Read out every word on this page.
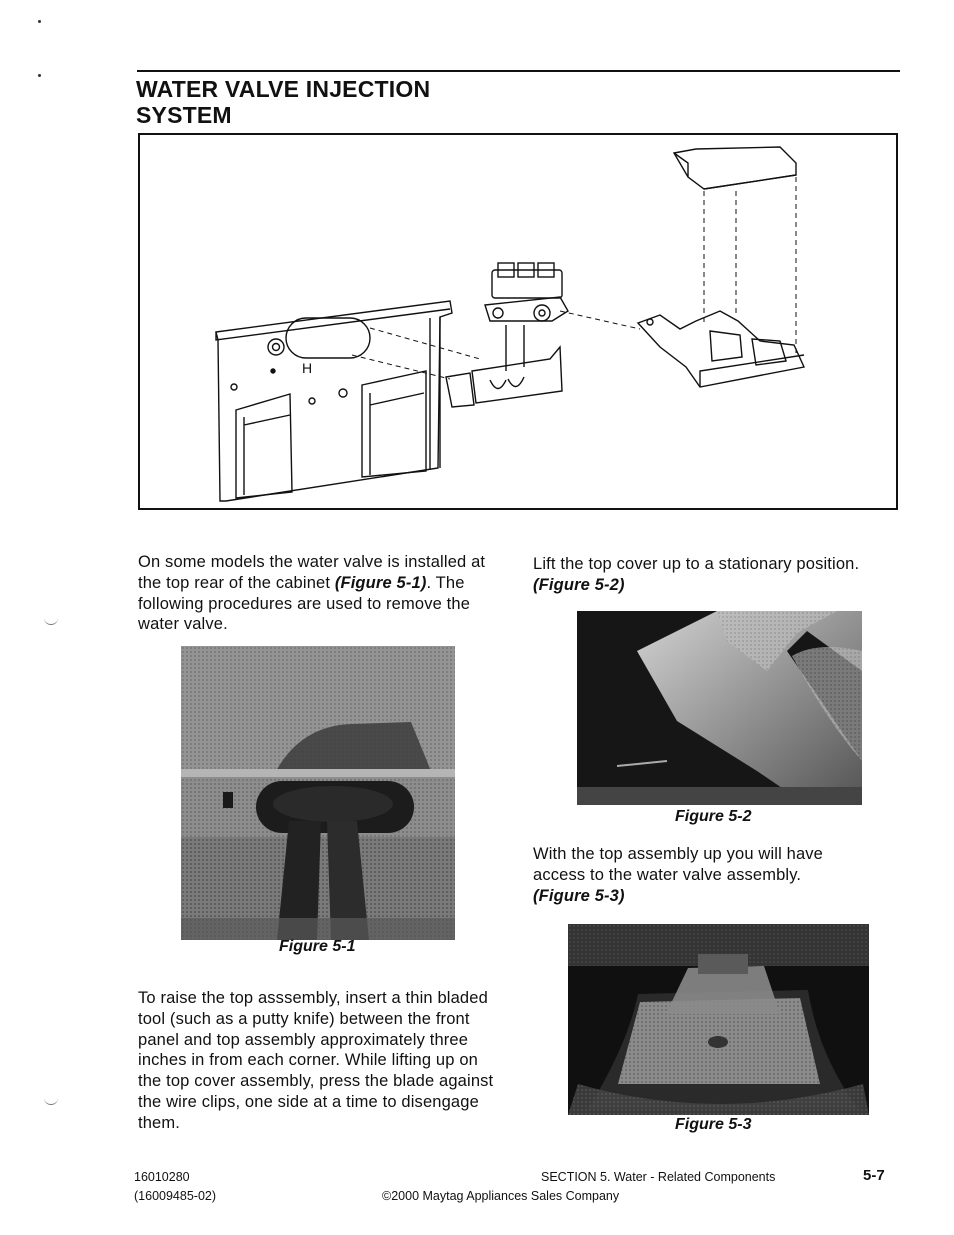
WATER VALVE INJECTION
SYSTEM
H
On some models the water valve is installed at the top rear of the cabinet (Figure 5-1). The following procedures are used to remove the water valve.
Figure 5-1
To raise the top asssembly, insert a thin bladed tool (such as a putty knife) between the front panel and top assembly approximately three inches in from each corner. While lifting up on the top cover assembly, press the blade against the wire clips, one side at a time to disengage them.
Lift the top cover up to a stationary position.
(Figure 5-2)
Figure 5-2
With the top assembly up you will have access to the water valve assembly.
(Figure 5-3)
Figure 5-3
16010280
(16009485-02)
SECTION 5. Water - Related Components
©2000 Maytag Appliances Sales Company
5-7
